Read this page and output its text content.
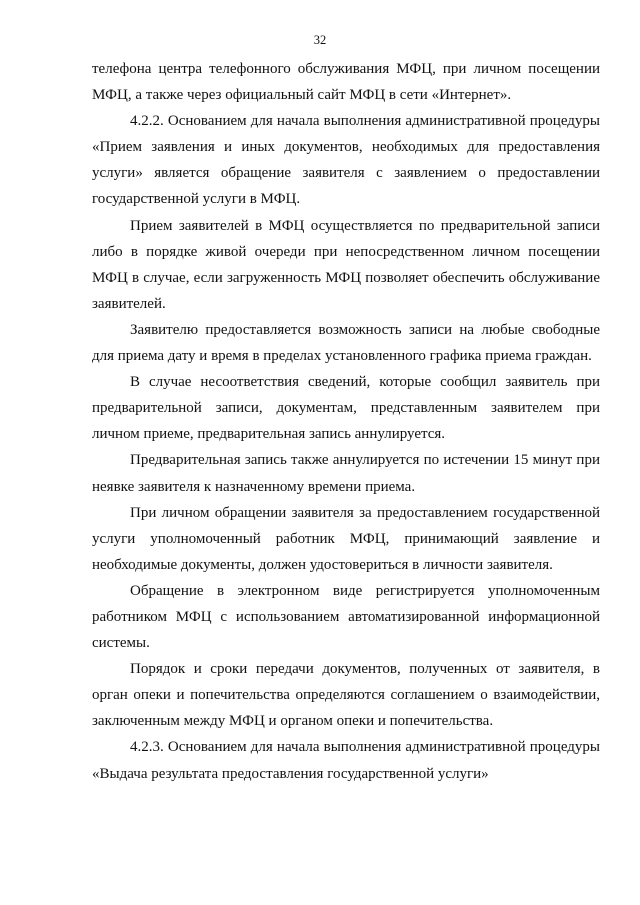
32

телефона центра телефонного обслуживания МФЦ, при личном посещении МФЦ, а также через официальный сайт МФЦ в сети «Интернет».

4.2.2. Основанием для начала выполнения административной процедуры «Прием заявления и иных документов, необходимых для предоставления услуги» является обращение заявителя с заявлением о предоставлении государственной услуги в МФЦ.

Прием заявителей в МФЦ осуществляется по предварительной записи либо в порядке живой очереди при непосредственном личном посещении МФЦ в случае, если загруженность МФЦ позволяет обеспечить обслуживание заявителей.

Заявителю предоставляется возможность записи на любые свободные для приема дату и время в пределах установленного графика приема граждан.

В случае несоответствия сведений, которые сообщил заявитель при предварительной записи, документам, представленным заявителем при личном приеме, предварительная запись аннулируется.

Предварительная запись также аннулируется по истечении 15 минут при неявке заявителя к назначенному времени приема.

При личном обращении заявителя за предоставлением государственной услуги уполномоченный работник МФЦ, принимающий заявление и необходимые документы, должен удостовериться в личности заявителя.

Обращение в электронном виде регистрируется уполномоченным работником МФЦ с использованием автоматизированной информационной системы.

Порядок и сроки передачи документов, полученных от заявителя, в орган опеки и попечительства определяются соглашением о взаимодействии, заключенным между МФЦ и органом опеки и попечительства.

4.2.3. Основанием для начала выполнения административной процедуры «Выдача результата предоставления государственной услуги»
